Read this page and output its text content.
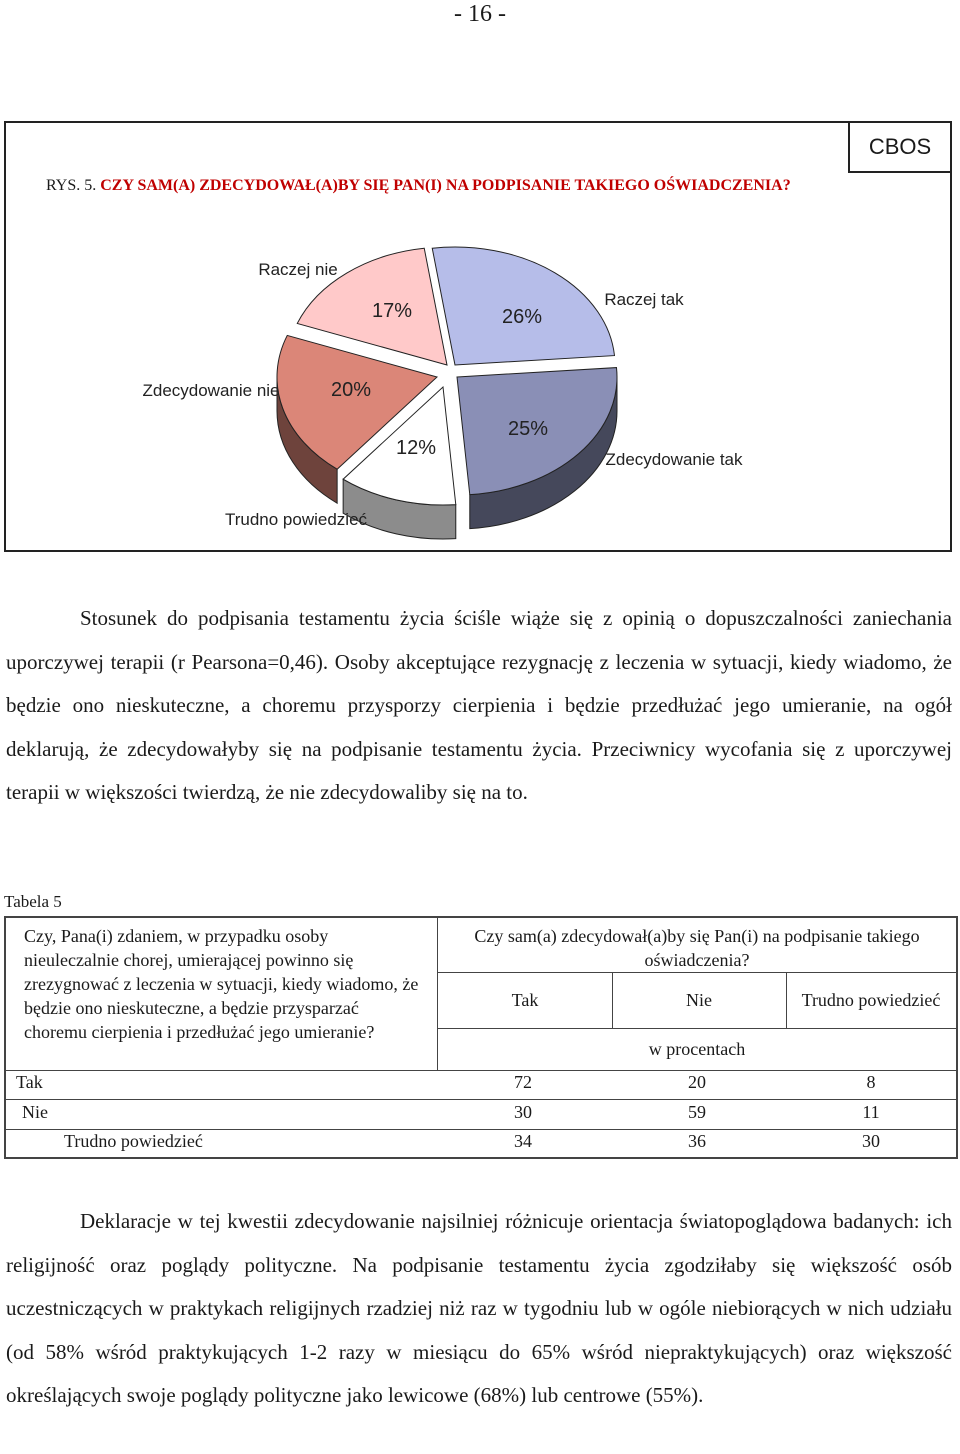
- 16 -
CBOS
RYS. 5. CZY SAM(A) ZDECYDOWAŁ(A)BY SIĘ PAN(I) NA PODPISANIE TAKIEGO OŚWIADCZENIA?
25%
Zdecydowanie tak
12%
Trudno powiedzieć
20%
Zdecydowanie nie
17%
Raczej nie
26%
Raczej tak
Stosunek do podpisania testamentu życia ściśle wiąże się z opinią o dopuszczalności zaniechania uporczywej terapii (r Pearsona=0,46). Osoby akceptujące rezygnację z leczenia w sytuacji, kiedy wiadomo, że będzie ono nieskuteczne, a choremu przysporzy cierpienia i będzie przedłużać jego umieranie, na ogół deklarują, że zdecydowałyby się na podpisanie testamentu życia. Przeciwnicy wycofania się z uporczywej terapii w większości twierdzą, że nie zdecydowaliby się na to.
Tabela 5
Czy, Pana(i) zdaniem, w przypadku osoby nieuleczalnie chorej, umierającej powinno się zrezygnować z leczenia w sytuacji, kiedy wiadomo, że będzie ono nieskuteczne, a będzie przysparzać choremu cierpienia i przedłużać jego umieranie?
Czy sam(a) zdecydował(a)by się Pan(i) na podpisanie takiego oświadczenia?
Tak	Nie	Trudno powiedzieć
w procentach
Tak	72	20	8
Nie	30	59	11
Trudno powiedzieć	34	36	30
Deklaracje w tej kwestii zdecydowanie najsilniej różnicuje orientacja światopoglądowa badanych: ich religijność oraz poglądy polityczne. Na podpisanie testamentu życia zgodziłaby się większość osób uczestniczących w praktykach religijnych rzadziej niż raz w tygodniu lub w ogóle niebiorących w nich udziału (od 58% wśród praktykujących 1-2 razy w miesiącu do 65% wśród niepraktykujących) oraz większość określających swoje poglądy polityczne jako lewicowe (68%) lub centrowe (55%).
